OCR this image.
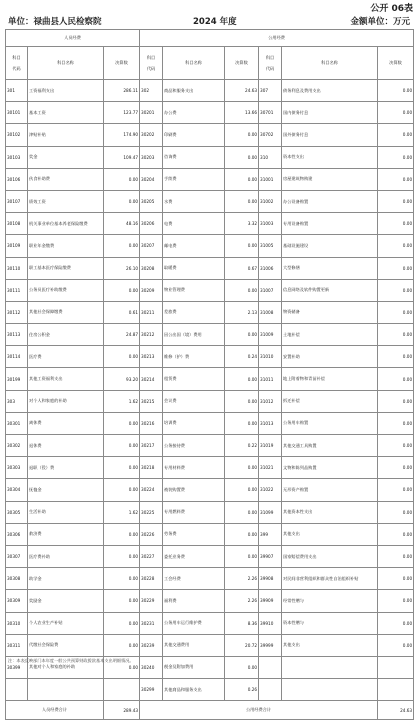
公开 06表
单位：禄曲县人民检察院	2024 年度	金额单位：万元
人员经费			公用经费					
科目

代码	科目名称	决算数	科目

代码	科目名称	决算数	科目

代码	科目名称	决算数
301	工资福利支出	286.11	302	商品和服务支出	24.63	307	债务利息及费用支出	0.00
30101	基本工资	123.77	30201	办公费	13.66	30701	国内债务付息	0.00
30102	津贴补贴	174.90	30202	印刷费	0.00	30702	国外债务付息	0.00
30103	奖金	109.47	30203	咨询费	0.00	310	资本性支出	0.00
30106	伙食补助费	0.00	30204	手续费	0.00	31001	房屋建筑物购建	0.00
30107	绩效工资	0.00	30205	水费	0.00	31002	办公设备购置	0.00
30108	机关事业单位基本养老保险缴费	48.16	30206	电费	3.32	31003	专用设备购置	0.00
30109	职业年金缴费	0.00	30207	邮电费	0.00	31005	基础设施建设	0.00
30110	职工基本医疗保险缴费	26.10	30208	取暖费	0.67	31006	大型修缮	0.00
30111	公务员医疗补助缴费	0.00	30209	物业管理费	0.00	31007	信息网络及软件购置更新	0.00
30112	其他社会保障缴费	0.61	30211	差旅费	2.13	31008	物资储备	0.00
30113	住房公积金	24.87	30212	因公出国（境）费用	0.00	31009	土地补偿	0.00
30114	医疗费	0.00	30213	维修（护）费	0.24	31010	安置补助	0.00
30199	其他工资福利支出	93.20	30214	租赁费	0.00	31011	地上附着物和青苗补偿	0.00
303	对个人和家庭的补助	1.62	30215	会议费	0.00	31012	拆迁补偿	0.00
30301	离休费	0.00	30216	培训费	0.00	31013	公务用车购置	0.00
30302	退休费	0.00	30217	公务接待费	0.22	31019	其他交通工具购置	0.00
30303	退职（役）费	0.00	30218	专用材料费	0.00	31021	文物和陈列品购置	0.00
30304	抚恤金	0.00	30224	被装购置费	0.00	31022	无形资产购置	0.00
30305	生活补助	1.62	30225	专用燃料费	0.00	31099	其他资本性支出	0.00
30306	救济费	0.00	30226	劳务费	0.00	399	其他支出	0.00
30307	医疗费补助	0.00	30227	委托业务费	0.00	39907	国家赔偿费用支出	0.00
30308	助学金	0.00	30228	工会经费	2.26	39908	对民间非营利组织和群众性自治组织补贴	0.00
30309	奖励金	0.00	30229	福利费	2.26	39909	经常性赠与	0.00
30310	个人农业生产补贴	0.00	30231	公务用车运行维护费	8.36	39910	资本性赠与	0.00
30311	代缴社会保险费	0.00	30239	其他交通费用	20.72	39999	其他支出	0.00
30399	其他对个人和家庭的补助	0.00	30240	税金及附加费用	0.00			
			30299	其他商品和服务支出	0.26			
人员经费合计		289.43	公用经费合计					24.63
注：本表反映部门本年度一般公共预算财政拨款基本支出明细情况。
